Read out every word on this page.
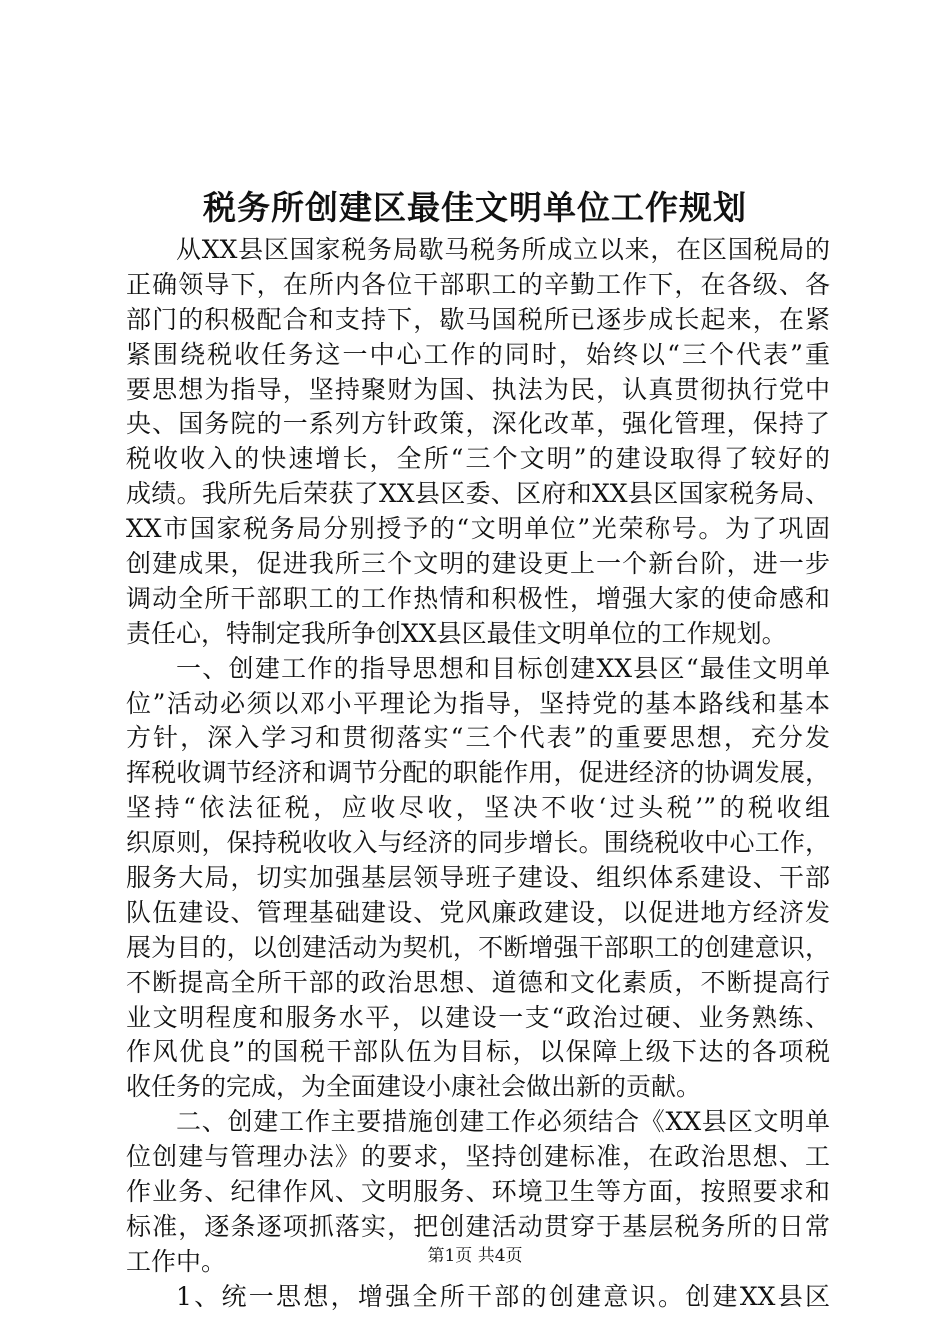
税务所创建区最佳文明单位工作规划
从XX县区国家税务局歇马税务所成立以来，在区国税局的
正确领导下，在所内各位干部职工的辛勤工作下，在各级、各
部门的积极配合和支持下，歇马国税所已逐步成长起来，在紧
紧围绕税收任务这一中心工作的同时，始终以“三个代表”重
要思想为指导，坚持聚财为国、执法为民，认真贯彻执行党中
央、国务院的一系列方针政策，深化改革，强化管理，保持了
税收收入的快速增长，全所“三个文明”的建设取得了较好的
成绩。我所先后荣获了XX县区委、区府和XX县区国家税务局、
XX市国家税务局分别授予的“文明单位”光荣称号。为了巩固
创建成果，促进我所三个文明的建设更上一个新台阶，进一步
调动全所干部职工的工作热情和积极性，增强大家的使命感和
责任心，特制定我所争创XX县区最佳文明单位的工作规划。
一、创建工作的指导思想和目标创建XX县区“最佳文明单
位”活动必须以邓小平理论为指导，坚持党的基本路线和基本
方针，深入学习和贯彻落实“三个代表”的重要思想，充分发
挥税收调节经济和调节分配的职能作用，促进经济的协调发展，
坚持“依法征税，应收尽收，坚决不收‘过头税’”的税收组
织原则，保持税收收入与经济的同步增长。围绕税收中心工作，
服务大局，切实加强基层领导班子建设、组织体系建设、干部
队伍建设、管理基础建设、党风廉政建设，以促进地方经济发
展为目的，以创建活动为契机，不断增强干部职工的创建意识，
不断提高全所干部的政治思想、道德和文化素质，不断提高行
业文明程度和服务水平，以建设一支“政治过硬、业务熟练、
作风优良”的国税干部队伍为目标，以保障上级下达的各项税
收任务的完成，为全面建设小康社会做出新的贡献。
二、创建工作主要措施创建工作必须结合《XX县区文明单
位创建与管理办法》的要求，坚持创建标准，在政治思想、工
作业务、纪律作风、文明服务、环境卫生等方面，按照要求和
标准，逐条逐项抓落实，把创建活动贯穿于基层税务所的日常
工作中。
1、统一思想，增强全所干部的创建意识。创建XX县区
第1页 共4页
